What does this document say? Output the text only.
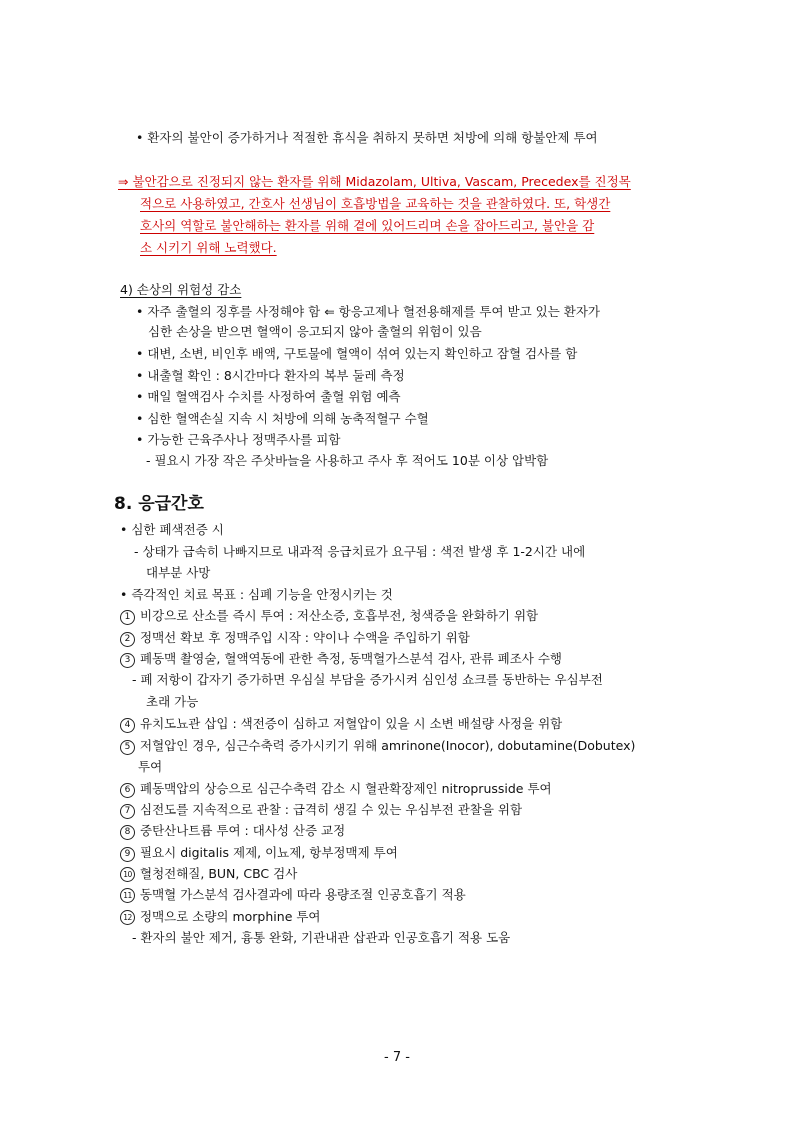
• 환자의 불안이 증가하거나 적절한 휴식을 취하지 못하면 처방에 의해 항불안제 투여
⇒ 불안감으로 진정되지 않는 환자를 위해 Midazolam, Ultiva, Vascam, Precedex를 진정목
적으로 사용하였고, 간호사 선생님이 호흡방법을 교육하는 것을 관찰하였다. 또, 학생간
호사의 역할로 불안해하는 환자를 위해 곁에 있어드리며 손을 잡아드리고, 불안을 감
소 시키기 위해 노력했다.
4) 손상의 위험성 감소
• 자주 출혈의 징후를 사정해야 함 ⇐ 항응고제나 혈전용해제를 투여 받고 있는 환자가
심한 손상을 받으면 혈액이 응고되지 않아 출혈의 위험이 있음
• 대변, 소변, 비인후 배액, 구토물에 혈액이 섞여 있는지 확인하고 잠혈 검사를 함
• 내출혈 확인 : 8시간마다 환자의 복부 둘레 측정
• 매일 혈액검사 수치를 사정하여 출혈 위험 예측
• 심한 혈액손실 지속 시 처방에 의해 농축적혈구 수혈
• 가능한 근육주사나 정맥주사를 피함
- 필요시 가장 작은 주삿바늘을 사용하고 주사 후 적어도 10분 이상 압박함
8. 응급간호
• 심한 폐색전증 시
- 상태가 급속히 나빠지므로 내과적 응급치료가 요구됨 : 색전 발생 후 1-2시간 내에
대부분 사망
• 즉각적인 치료 목표 : 심폐 기능을 안정시키는 것
1 비강으로 산소를 즉시 투여 : 저산소증, 호흡부전, 청색증을 완화하기 위함
2 정맥선 확보 후 정맥주입 시작 : 약이나 수액을 주입하기 위함
3 폐동맥 촬영술, 혈액역동에 관한 측정, 동맥혈가스분석 검사, 관류 폐조사 수행
- 폐 저항이 갑자기 증가하면 우심실 부담을 증가시켜 심인성 쇼크를 동반하는 우심부전
초래 가능
4 유치도뇨관 삽입 : 색전증이 심하고 저혈압이 있을 시 소변 배설량 사정을 위함
5 저혈압인 경우, 심근수축력 증가시키기 위해 amrinone(Inocor), dobutamine(Dobutex)
투여
6 폐동맥압의 상승으로 심근수축력 감소 시 혈관확장제인 nitroprusside 투여
7 심전도를 지속적으로 관찰 : 급격히 생길 수 있는 우심부전 관찰을 위함
8 중탄산나트륨 투여 : 대사성 산증 교정
9 필요시 digitalis 제제, 이뇨제, 항부정맥제 투여
10 혈청전해질, BUN, CBC 검사
11 동맥혈 가스분석 검사결과에 따라 용량조절 인공호흡기 적용
12 정맥으로 소량의 morphine 투여
- 환자의 불안 제거, 흉통 완화, 기관내관 삽관과 인공호흡기 적용 도움
- 7 -
